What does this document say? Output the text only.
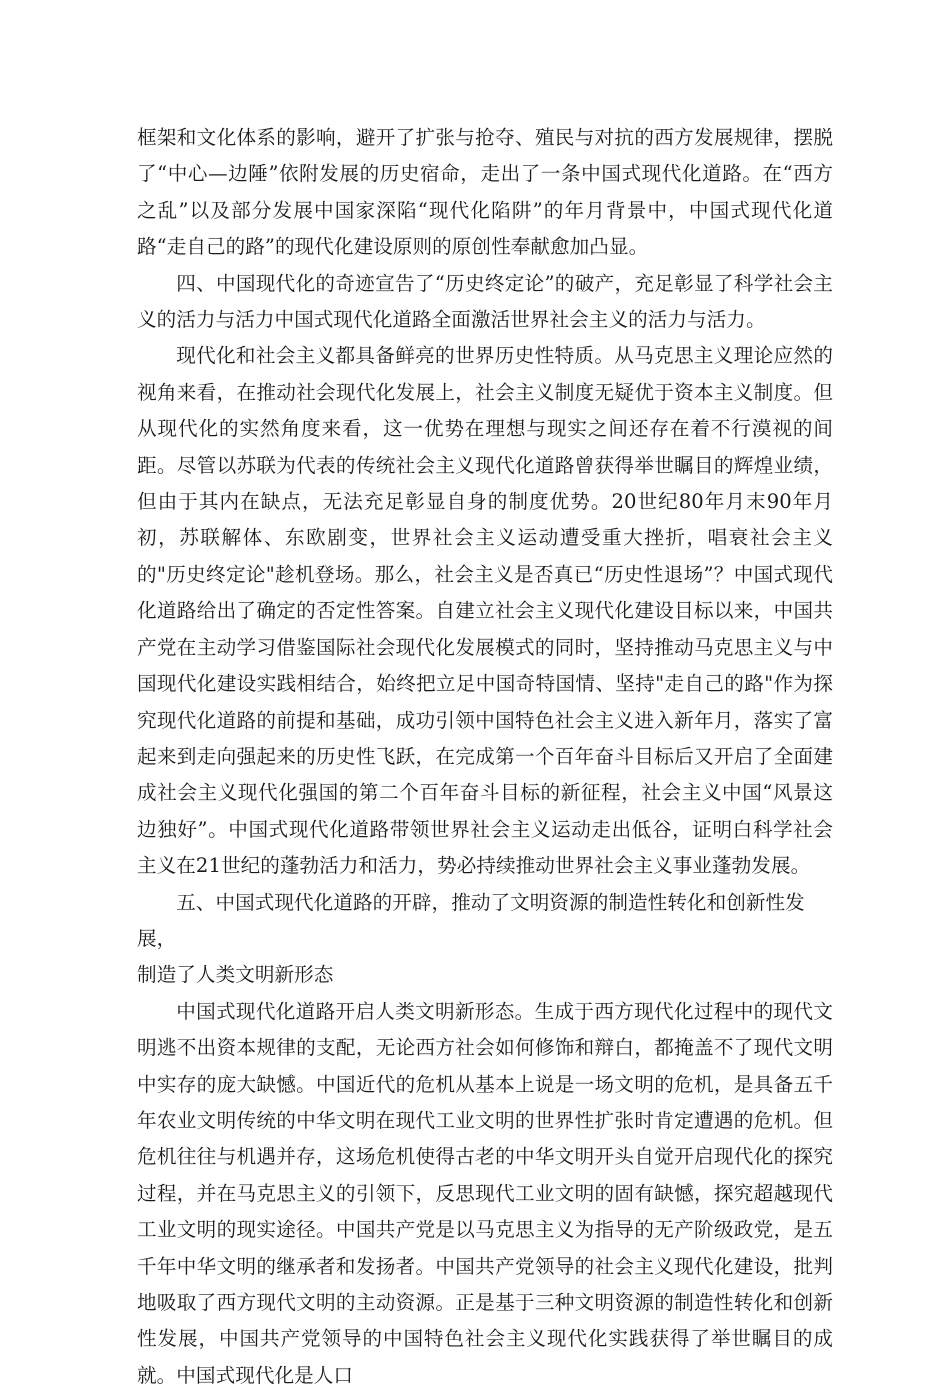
框架和文化体系的影响，避开了扩张与抢夺、殖民与对抗的西方发展规律，摆脱了“中心—边陲”依附发展的历史宿命，走出了一条中国式现代化道路。在“西方之乱”以及部分发展中国家深陷“现代化陷阱”的年月背景中，中国式现代化道路“走自己的路”的现代化建设原则的原创性奉献愈加凸显。

四、中国现代化的奇迹宣告了“历史终定论”的破产，充足彰显了科学社会主义的活力与活力中国式现代化道路全面激活世界社会主义的活力与活力。

现代化和社会主义都具备鲜亮的世界历史性特质。从马克思主义理论应然的视角来看，在推动社会现代化发展上，社会主义制度无疑优于资本主义制度。但从现代化的实然角度来看，这一优势在理想与现实之间还存在着不行漠视的间距。尽管以苏联为代表的传统社会主义现代化道路曾获得举世瞩目的辉煌业绩，但由于其内在缺点，无法充足彰显自身的制度优势。20世纪80年月末90年月初，苏联解体、东欧剧变，世界社会主义运动遭受重大挫折，唱衰社会主义的"历史终定论"趁机登场。那么，社会主义是否真已“历史性退场”？中国式现代化道路给出了确定的否定性答案。自建立社会主义现代化建设目标以来，中国共产党在主动学习借鉴国际社会现代化发展模式的同时，坚持推动马克思主义与中国现代化建设实践相结合，始终把立足中国奇特国情、坚持"走自己的路"作为探究现代化道路的前提和基础，成功引领中国特色社会主义进入新年月，落实了富起来到走向强起来的历史性飞跃，在完成第一个百年奋斗目标后又开启了全面建成社会主义现代化强国的第二个百年奋斗目标的新征程，社会主义中国“风景这边独好”。中国式现代化道路带领世界社会主义运动走出低谷，证明白科学社会主义在21世纪的蓬勃活力和活力，势必持续推动世界社会主义事业蓬勃发展。

五、中国式现代化道路的开辟，推动了文明资源的制造性转化和创新性发展，
制造了人类文明新形态

中国式现代化道路开启人类文明新形态。生成于西方现代化过程中的现代文明逃不出资本规律的支配，无论西方社会如何修饰和辩白，都掩盖不了现代文明中实存的庞大缺憾。中国近代的危机从基本上说是一场文明的危机，是具备五千年农业文明传统的中华文明在现代工业文明的世界性扩张时肯定遭遇的危机。但危机往往与机遇并存，这场危机使得古老的中华文明开头自觉开启现代化的探究过程，并在马克思主义的引领下，反思现代工业文明的固有缺憾，探究超越现代工业文明的现实途径。中国共产党是以马克思主义为指导的无产阶级政党，是五千年中华文明的继承者和发扬者。中国共产党领导的社会主义现代化建设，批判地吸取了西方现代文明的主动资源。正是基于三种文明资源的制造性转化和创新性发展，中国共产党领导的中国特色社会主义现代化实践获得了举世瞩目的成就。中国式现代化是人口
